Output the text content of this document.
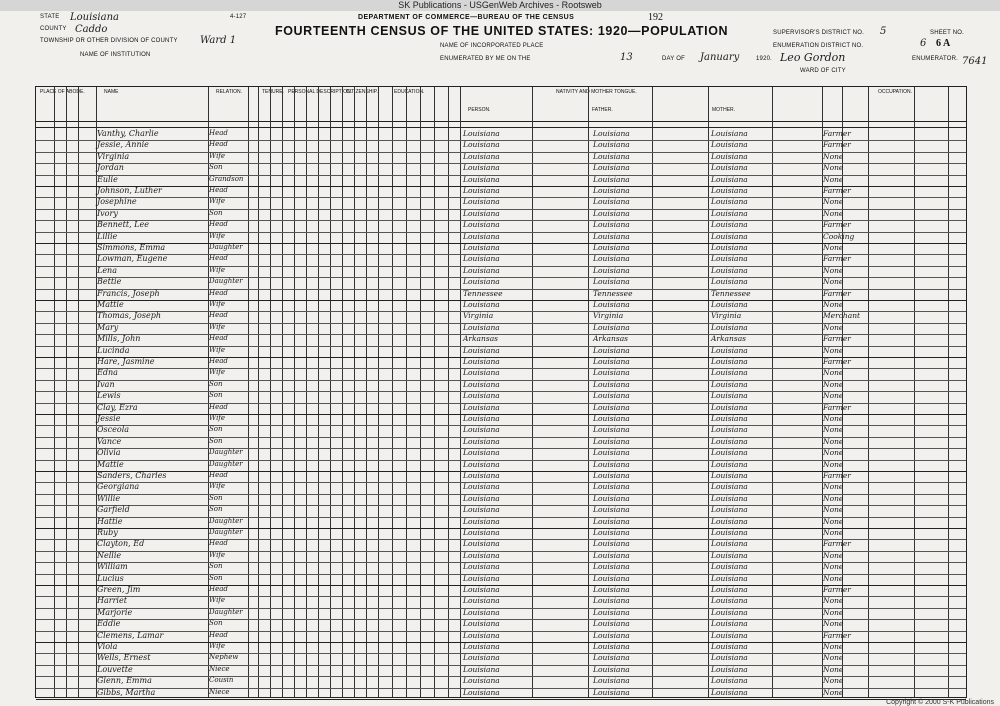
SK Publications - USGenWeb Archives - Rootsweb
STATE Louisiana
COUNTY Caddo
TOWNSHIP OR OTHER DIVISION OF COUNTY Ward 1
NAME OF INSTITUTION
4-127	DEPARTMENT OF COMMERCE—BUREAU OF THE CENSUS	192
FOURTEENTH CENSUS OF THE UNITED STATES: 1920—POPULATION
NAME OF INCORPORATED PLACE
ENUMERATED BY ME ON THE	13	DAY OF January	1920. Leo Gordon	ENUMERATOR.
SUPERVISOR'S DISTRICT NO. 5
ENUMERATION DISTRICT NO.	6
SHEET NO.
6 A
WARD OF CITY
7641
PLACE OF ABODE.	NAME	RELATION.	TENURE. PERSONAL DESCRIPTION.
CITIZENSHIP.	EDUCATION.	NATIVITY AND MOTHER TONGUE.	OCCUPATION.
PERSON.	FATHER.	MOTHER.
Vanthy, Charlie	Head	Louisiana	Louisiana	Louisiana	Farmer
Jessie, Annie	Head	Louisiana	Louisiana	Louisiana	Farmer
Virginia	Wife	Louisiana	Louisiana	Louisiana	None
Jordan	Son	Louisiana	Louisiana	Louisiana	None
Eulie	Grandson	Louisiana	Louisiana	Louisiana	None
Johnson, Luther	Head	Louisiana	Louisiana	Louisiana	Farmer
Josephine	Wife	Louisiana	Louisiana	Louisiana	None
Ivory	Son	Louisiana	Louisiana	Louisiana	None
Bennett, Lee	Head	Louisiana	Louisiana	Louisiana	Farmer
Lillie	Wife	Louisiana	Louisiana	Louisiana	Cooking
Simmons, Emma	Daughter	Louisiana	Louisiana	Louisiana	None
Lowman, Eugene	Head	Louisiana	Louisiana	Louisiana	Farmer
Lena	Wife	Louisiana	Louisiana	Louisiana	None
Bettie	Daughter	Louisiana	Louisiana	Louisiana	None
Francis, Joseph	Head	Tennessee	Tennessee	Tennessee	Farmer
Mattie	Wife	Louisiana	Louisiana	Louisiana	None
Thomas, Joseph	Head	Virginia	Virginia	Virginia	Merchant
Mary	Wife	Louisiana	Louisiana	Louisiana	None
Mills, John	Head	Arkansas	Arkansas	Arkansas	Farmer
Lucinda	Wife	Louisiana	Louisiana	Louisiana	None
Hare, Jasmine	Head	Louisiana	Louisiana	Louisiana	Farmer
Edna	Wife	Louisiana	Louisiana	Louisiana	None
Ivan	Son	Louisiana	Louisiana	Louisiana	None
Lewis	Son	Louisiana	Louisiana	Louisiana	None
Clay, Ezra	Head	Louisiana	Louisiana	Louisiana	Farmer
Jessie	Wife	Louisiana	Louisiana	Louisiana	None
Osceola	Son	Louisiana	Louisiana	Louisiana	None
Vance	Son	Louisiana	Louisiana	Louisiana	None
Olivia	Daughter	Louisiana	Louisiana	Louisiana	None
Mattie	Daughter	Louisiana	Louisiana	Louisiana	None
Sanders, Charles	Head	Louisiana	Louisiana	Louisiana	Farmer
Georgiana	Wife	Louisiana	Louisiana	Louisiana	None
Willie	Son	Louisiana	Louisiana	Louisiana	None
Garfield	Son	Louisiana	Louisiana	Louisiana	None
Hattie	Daughter	Louisiana	Louisiana	Louisiana	None
Ruby	Daughter	Louisiana	Louisiana	Louisiana	None
Clayton, Ed	Head	Louisiana	Louisiana	Louisiana	Farmer
Nellie	Wife	Louisiana	Louisiana	Louisiana	None
William	Son	Louisiana	Louisiana	Louisiana	None
Lucius	Son	Louisiana	Louisiana	Louisiana	None
Green, Jim	Head	Louisiana	Louisiana	Louisiana	Farmer
Harriet	Wife	Louisiana	Louisiana	Louisiana	None
Marjorie	Daughter	Louisiana	Louisiana	Louisiana	None
Eddie	Son	Louisiana	Louisiana	Louisiana	None
Clemens, Lamar	Head	Louisiana	Louisiana	Louisiana	Farmer
Viola	Wife	Louisiana	Louisiana	Louisiana	None
Wells, Ernest	Nephew	Louisiana	Louisiana	Louisiana	None
Louvette	Niece	Louisiana	Louisiana	Louisiana	None
Glenn, Emma	Cousin	Louisiana	Louisiana	Louisiana	None
Gibbs, Martha	Niece	Louisiana	Louisiana	Louisiana	None
Copyright © 2000 S-K Publications
